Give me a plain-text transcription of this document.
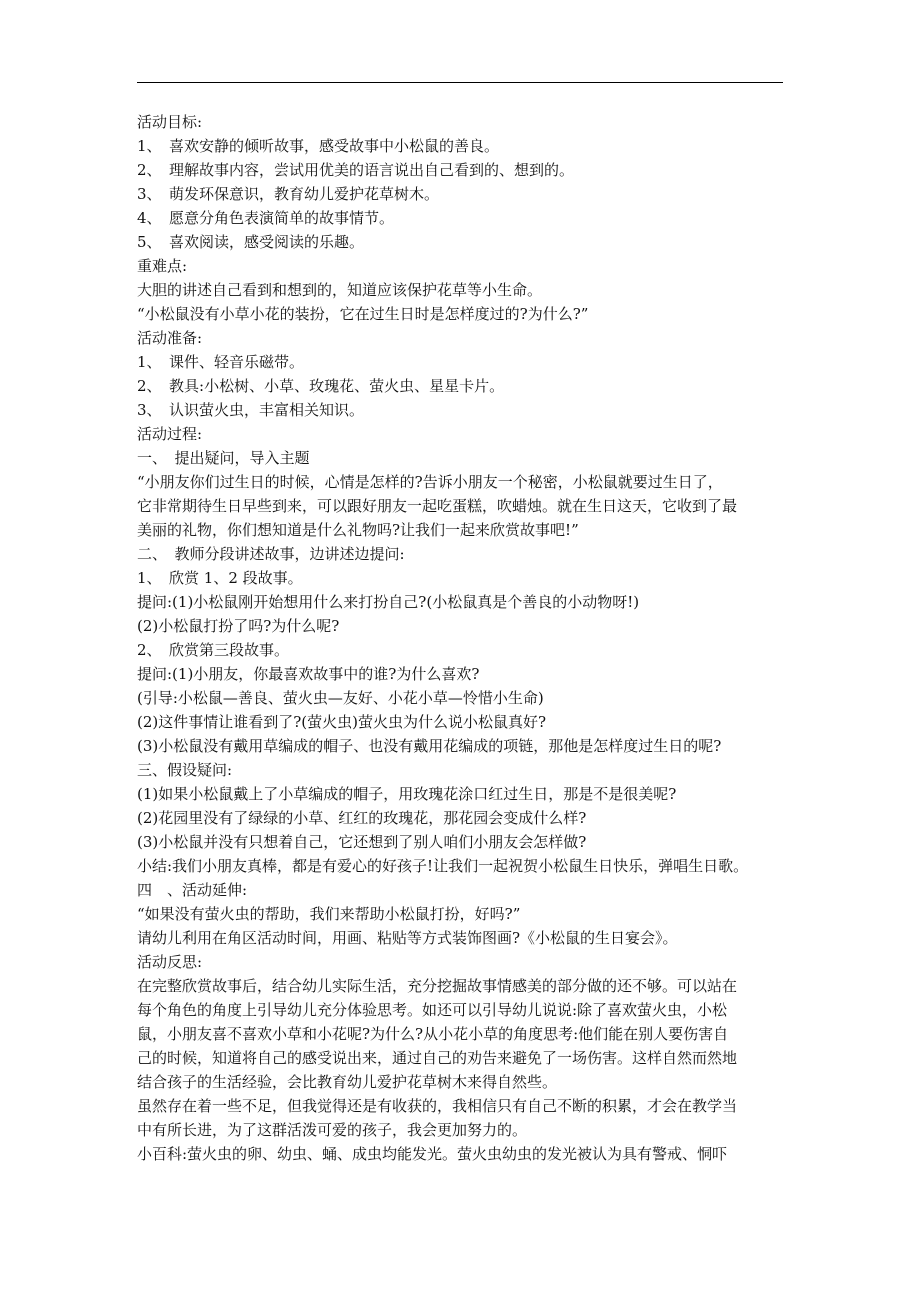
活动目标:
1、　喜欢安静的倾听故事，感受故事中小松鼠的善良。
2、　理解故事内容，尝试用优美的语言说出自己看到的、想到的。
3、　萌发环保意识，教育幼儿爱护花草树木。
4、　愿意分角色表演简单的故事情节。
5、　喜欢阅读，感受阅读的乐趣。
重难点:
大胆的讲述自己看到和想到的，知道应该保护花草等小生命。
“小松鼠没有小草小花的装扮，它在过生日时是怎样度过的?为什么?”
活动准备:
1、　课件、轻音乐磁带。
2、　教具:小松树、小草、玫瑰花、萤火虫、星星卡片。
3、　认识萤火虫，丰富相关知识。
活动过程:
一、　提出疑问，导入主题
“小朋友你们过生日的时候，心情是怎样的?告诉小朋友一个秘密，小松鼠就要过生日了，
它非常期待生日早些到来，可以跟好朋友一起吃蛋糕，吹蜡烛。就在生日这天，它收到了最
美丽的礼物，你们想知道是什么礼物吗?让我们一起来欣赏故事吧!”
二、　教师分段讲述故事，边讲述边提问:
1、　欣赏 1、2 段故事。
提问:(1)小松鼠刚开始想用什么来打扮自己?(小松鼠真是个善良的小动物呀!)
(2)小松鼠打扮了吗?为什么呢?
2、　欣赏第三段故事。
提问:(1)小朋友，你最喜欢故事中的谁?为什么喜欢?
(引导:小松鼠—善良、萤火虫—友好、小花小草—怜惜小生命)
(2)这件事情让谁看到了?(萤火虫)萤火虫为什么说小松鼠真好?
(3)小松鼠没有戴用草编成的帽子、也没有戴用花编成的项链，那他是怎样度过生日的呢?
三、假设疑问:
(1)如果小松鼠戴上了小草编成的帽子，用玫瑰花涂口红过生日，那是不是很美呢?
(2)花园里没有了绿绿的小草、红红的玫瑰花，那花园会变成什么样?
(3)小松鼠并没有只想着自己，它还想到了别人咱们小朋友会怎样做?
小结:我们小朋友真棒，都是有爱心的好孩子!让我们一起祝贺小松鼠生日快乐，弹唱生日歌。
四　、活动延伸:
“如果没有萤火虫的帮助，我们来帮助小松鼠打扮，好吗?”
请幼儿利用在角区活动时间，用画、粘贴等方式装饰图画?《小松鼠的生日宴会》。
活动反思:
在完整欣赏故事后，结合幼儿实际生活，充分挖掘故事情感美的部分做的还不够。可以站在
每个角色的角度上引导幼儿充分体验思考。如还可以引导幼儿说说:除了喜欢萤火虫，小松
鼠，小朋友喜不喜欢小草和小花呢?为什么?从小花小草的角度思考:他们能在别人要伤害自
己的时候，知道将自己的感受说出来，通过自己的劝告来避免了一场伤害。这样自然而然地
结合孩子的生活经验，会比教育幼儿爱护花草树木来得自然些。
虽然存在着一些不足，但我觉得还是有收获的，我相信只有自己不断的积累，才会在教学当
中有所长进，为了这群活泼可爱的孩子，我会更加努力的。
小百科:萤火虫的卵、幼虫、蛹、成虫均能发光。萤火虫幼虫的发光被认为具有警戒、恫吓
